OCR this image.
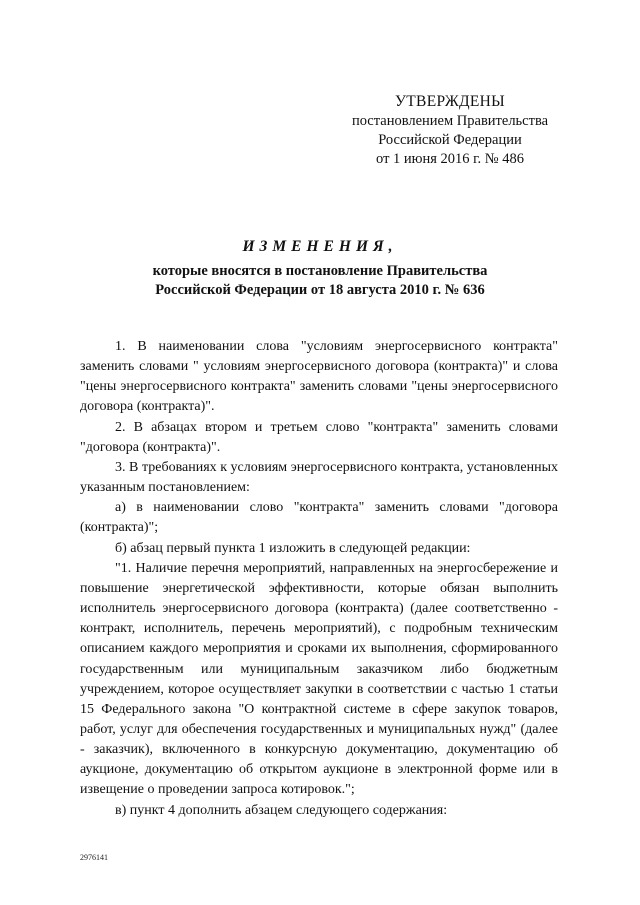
УТВЕРЖДЕНЫ
постановлением Правительства
Российской Федерации
от 1 июня 2016 г. № 486
ИЗМЕНЕНИЯ,
которые вносятся в постановление Правительства
Российской Федерации от 18 августа 2010 г. № 636

1. В наименовании слова "условиям энергосервисного контракта" заменить словами " условиям энергосервисного договора (контракта)" и слова "цены энергосервисного контракта" заменить словами "цены энергосервисного договора (контракта)".

2. В абзацах втором и третьем слово "контракта" заменить словами "договора (контракта)".

3. В требованиях к условиям энергосервисного контракта, установленных указанным постановлением:

а) в наименовании слово "контракта" заменить словами "договора (контракта)";

б) абзац первый пункта 1 изложить в следующей редакции:

"1. Наличие перечня мероприятий, направленных на энергосбережение и повышение энергетической эффективности, которые обязан выполнить исполнитель энергосервисного договора (контракта) (далее соответственно - контракт, исполнитель, перечень мероприятий), с подробным техническим описанием каждого мероприятия и сроками их выполнения, сформированного государственным или муниципальным заказчиком либо бюджетным учреждением, которое осуществляет закупки в соответствии с частью 1 статьи 15 Федерального закона "О контрактной системе в сфере закупок товаров, работ, услуг для обеспечения государственных и муниципальных нужд" (далее - заказчик), включенного в конкурсную документацию, документацию об аукционе, документацию об открытом аукционе в электронной форме или в извещение о проведении запроса котировок.";

в) пункт 4 дополнить абзацем следующего содержания:

2976141
